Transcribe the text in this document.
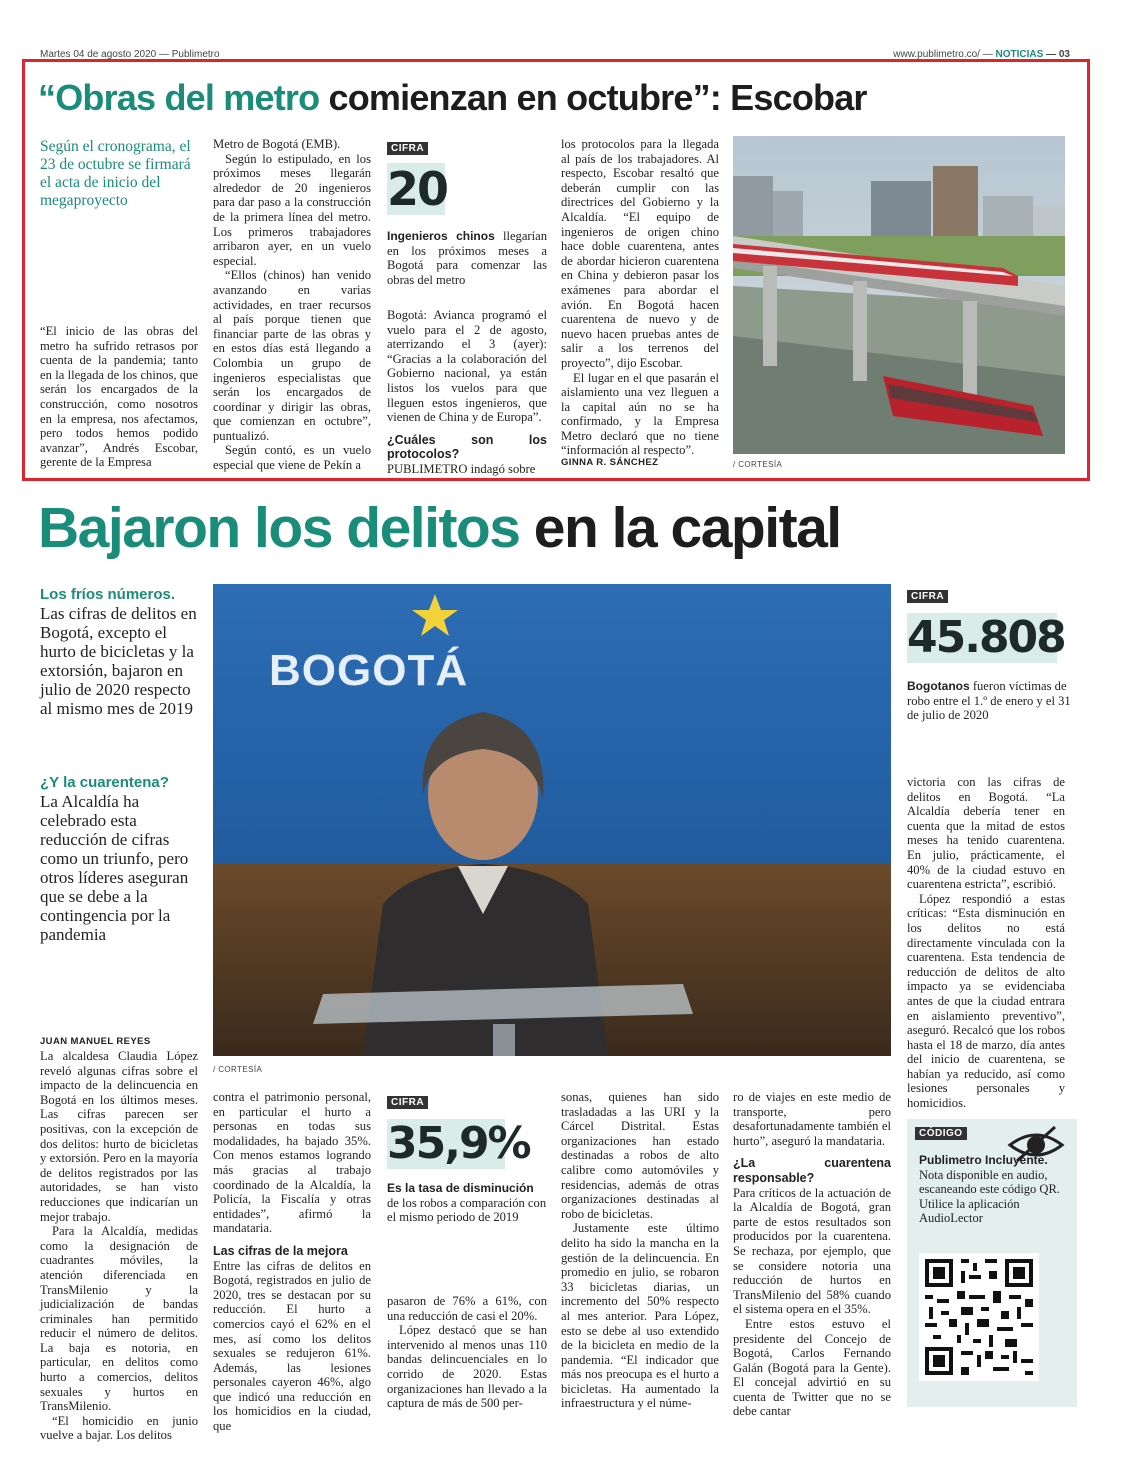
Martes 04 de agosto 2020 — Publimetro	www.publimetro.co/ — NOTICIAS — 03
“Obras del metro comienzan en octubre”: Escobar
Según el cronograma, el 23 de octubre se firmará el acta de inicio del megaproyecto

“El inicio de las obras del metro ha sufrido retrasos por cuenta de la pandemia; tanto en la llegada de los chinos, que serán los encargados de la construcción, como nosotros en la empresa, nos afectamos, pero todos hemos podido avanzar”, Andrés Escobar, gerente de la Empresa

Metro de Bogotá (EMB).

Según lo estipulado, en los próximos meses llegarán alrededor de 20 ingenieros para dar paso a la construcción de la primera línea del metro. Los primeros trabajadores arribaron ayer, en un vuelo especial.

“Ellos (chinos) han venido avanzando en varias actividades, en traer recursos al país porque tienen que financiar parte de las obras y en estos días está llegando a Colombia un grupo de ingenieros especialistas que serán los encargados de coordinar y dirigir las obras, que comienzan en octubre”, puntualizó.

Según contó, es un vuelo especial que viene de Pekín a

CIFRA
20
Ingenieros chinos llegarían en los próximos meses a Bogotá para comenzar las obras del metro

Bogotá: Avianca programó el vuelo para el 2 de agosto, aterrizando el 3 (ayer): “Gracias a la colaboración del Gobierno nacional, ya están listos los vuelos para que lleguen estos ingenieros, que vienen de China y de Europa”.

¿Cuáles son los protocolos?

PUBLIMETRO indagó sobre

los protocolos para la llegada al país de los trabajadores. Al respecto, Escobar resaltó que deberán cumplir con las directrices del Gobierno y la Alcaldía. “El equipo de ingenieros de origen chino hace doble cuarentena, antes de abordar hicieron cuarentena en China y debieron pasar los exámenes para abordar el avión. En Bogotá hacen cuarentena de nuevo y de nuevo hacen pruebas antes de salir a los terrenos del proyecto”, dijo Escobar.

El lugar en el que pasarán el aislamiento una vez lleguen a la capital aún no se ha confirmado, y la Empresa Metro declaró que no tiene “información al respecto”.

GINNA R. SÁNCHEZ	/ CORTESÍA
Bajaron los delitos en la capital
Los fríos números.
Las cifras de delitos en Bogotá, excepto el hurto de bicicletas y la extorsión, bajaron en julio de 2020 respecto al mismo mes de 2019
¿Y la cuarentena?
La Alcaldía ha celebrado esta reducción de cifras como un triunfo, pero otros líderes aseguran que se debe a la contingencia por la pandemia
BOGOTÁ
/ CORTESÍA
CIFRA
45.808
Bogotanos fueron víctimas de robo entre el 1.º de enero y el 31 de julio de 2020

victoria con las cifras de delitos en Bogotá. “La Alcaldía debería tener en cuenta que la mitad de estos meses ha tenido cuarentena. En julio, prácticamente, el 40% de la ciudad estuvo en cuarentena estricta”, escribió.

López respondió a estas críticas: “Esta disminución en los delitos no está directamente vinculada con la cuarentena. Esta tendencia de reducción de delitos de alto impacto ya se evidenciaba antes de que la ciudad entrara en aislamiento preventivo”, aseguró. Recalcó que los robos hasta el 18 de marzo, día antes del inicio de cuarentena, se habían ya reducido, así como lesiones personales y homicidios.

JUAN MANUEL REYES

La alcaldesa Claudia López reveló algunas cifras sobre el impacto de la delincuencia en Bogotá en los últimos meses. Las cifras parecen ser positivas, con la excepción de dos delitos: hurto de bicicletas y extorsión. Pero en la mayoría de delitos registrados por las autoridades, se han visto reducciones que indicarían un mejor trabajo.

Para la Alcaldía, medidas como la designación de cuadrantes móviles, la atención diferenciada en TransMilenio y la judicialización de bandas criminales han permitido reducir el número de delitos. La baja es notoria, en particular, en delitos como hurto a comercios, delitos sexuales y hurtos en TransMilenio.

“El homicidio en junio vuelve a bajar. Los delitos

contra el patrimonio personal, en particular el hurto a personas en todas sus modalidades, ha bajado 35%. Con menos estamos logrando más gracias al trabajo coordinado de la Alcaldía, la Policía, la Fiscalía y otras entidades”, afirmó la mandataria.

Las cifras de la mejora

Entre las cifras de delitos en Bogotá, registrados en julio de 2020, tres se destacan por su reducción. El hurto a comercios cayó el 62% en el mes, así como los delitos sexuales se redujeron 61%. Además, las lesiones personales cayeron 46%, algo que indicó una reducción en los homicidios en la ciudad, que

CIFRA
35,9%
Es la tasa de disminución de los robos a comparación con el mismo periodo de 2019

pasaron de 76% a 61%, con una reducción de casi el 20%.

López destacó que se han intervenido al menos unas 110 bandas delincuenciales en lo corrido de 2020. Estas organizaciones han llevado a la captura de más de 500 per-

sonas, quienes han sido trasladadas a las URI y la Cárcel Distrital. Estas organizaciones han estado destinadas a robos de alto calibre como automóviles y residencias, además de otras organizaciones destinadas al robo de bicicletas.

Justamente este último delito ha sido la mancha en la gestión de la delincuencia. En promedio en julio, se robaron 33 bicicletas diarias, un incremento del 50% respecto al mes anterior. Para López, esto se debe al uso extendido de la bicicleta en medio de la pandemia. “El indicador que más nos preocupa es el hurto a bicicletas. Ha aumentado la infraestructura y el núme-

ro de viajes en este medio de transporte, pero desafortunadamente también el hurto”, aseguró la mandataria.

¿La cuarentena responsable?

Para críticos de la actuación de la Alcaldía de Bogotá, gran parte de estos resultados son producidos por la cuarentena. Se rechaza, por ejemplo, que se considere notoria una reducción de hurtos en TransMilenio del 58% cuando el sistema opera en el 35%.

Entre estos estuvo el presidente del Concejo de Bogotá, Carlos Fernando Galán (Bogotá para la Gente). El concejal advirtió en su cuenta de Twitter que no se debe cantar

CÓDIGO
Publimetro Incluyente. Nota disponible en audio, escaneando este código QR. Utilice la aplicación AudioLector
